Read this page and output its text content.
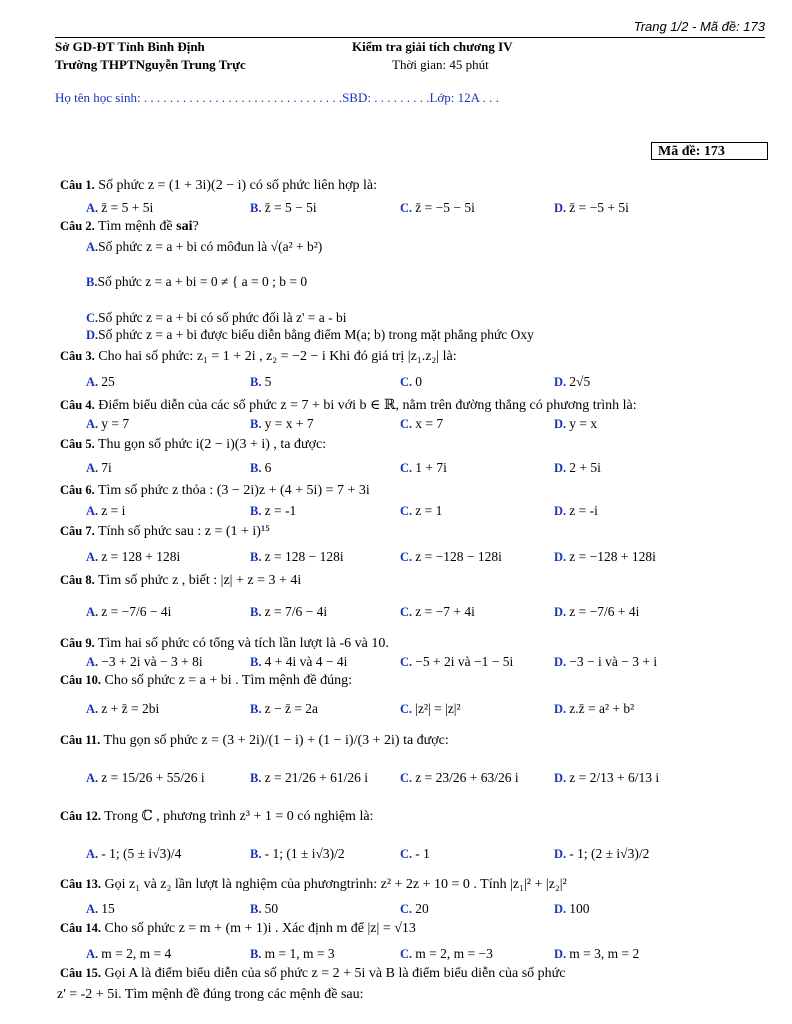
Trang 1/2 - Mã đề: 173
Sở GD-ĐT Tỉnh Bình Định
Trường THPTNguyễn Trung Trực
Kiểm tra giải tích chương IV
Thời gian: 45 phút
Họ tên học sinh: . . . . . . . . . . . . . . . . . . . . . . . . . . . . . . .SBD: . . . . . . . . .Lớp: 12A . . .
Mã đề: 173
Câu 1. Số phức z = (1 + 3i)(2 − i) có số phức liên hợp là:
A. z̄ = 5 + 5i	B. z̄ = 5 − 5i	C. z̄ = −5 − 5i	D. z̄ = −5 + 5i
Câu 2. Tìm mệnh đề sai?
A.Số phức z = a + bi có môđun là √(a² + b²)
B.Số phức z = a + bi = 0 ≠ { a = 0 ; b = 0
C.Số phức z = a + bi có số phức đối là z' = a - bi
D.Số phức z = a + bi được biểu diễn bằng điểm M(a; b) trong mặt phẳng phức Oxy
Câu 3. Cho hai số phức: z₁ = 1 + 2i , z₂ = −2 − i Khi đó giá trị |z₁.z₂| là:
A. 25	B. 5	C. 0	D. 2√5
Câu 4. Điểm biểu diễn của các số phức z = 7 + bi với b ∈ ℝ, nằm trên đường thẳng có phương trình là:
A. y = 7	B. y = x + 7	C. x = 7	D. y = x
Câu 5. Thu gọn số phức i(2 − i)(3 + i) , ta được:
A. 7i	B. 6	C. 1 + 7i	D. 2 + 5i
Câu 6. Tìm số phức z thỏa : (3 − 2i)z + (4 + 5i) = 7 + 3i
A. z = i	B. z = -1	C. z = 1	D. z = -i
Câu 7. Tính số phức sau : z = (1 + i)¹⁵
A. z = 128 + 128i	B. z = 128 − 128i	C. z = −128 − 128i	D. z = −128 + 128i
Câu 8. Tìm số phức z , biết : |z| + z = 3 + 4i
A. z = −7/6 − 4i	B. z = 7/6 − 4i	C. z = −7 + 4i	D. z = −7/6 + 4i
Câu 9. Tìm hai số phức có tổng và tích lần lượt là -6 và 10.
A. −3 + 2i và − 3 + 8i	B. 4 + 4i và 4 − 4i	C. −5 + 2i và −1 − 5i	D. −3 − i và − 3 + i
Câu 10. Cho số phức z = a + bi . Tìm mệnh đề đúng:
A. z + z̄ = 2bi	B. z − z̄ = 2a	C. |z²| = |z|²	D. z.z̄ = a² + b²
Câu 11. Thu gọn số phức z = (3 + 2i)/(1 − i) + (1 − i)/(3 + 2i) ta được:
A. z = 15/26 + 55/26 i	B. z = 21/26 + 61/26 i	C. z = 23/26 + 63/26 i	D. z = 2/13 + 6/13 i
Câu 12. Trong ℂ , phương trình z³ + 1 = 0 có nghiệm là:
A. - 1; (5 ± i√3)/4	B. - 1; (1 ± i√3)/2	C. - 1	D. - 1; (2 ± i√3)/2
Câu 13. Gọi z₁ và z₂ lần lượt là nghiệm của phươngtrình: z² + 2z + 10 = 0 . Tính |z₁|² + |z₂|²
A. 15	B. 50	C. 20	D. 100
Câu 14. Cho số phức z = m + (m + 1)i . Xác định m để |z| = √13
A. m = 2, m = 4	B. m = 1, m = 3	C. m = 2, m = −3	D. m = 3, m = 2
Câu 15. Gọi A là điểm biểu diễn của số phức z = 2 + 5i và B là điểm biểu diễn của số phức
z' = -2 + 5i. Tìm mệnh đề đúng trong các mệnh đề sau:
